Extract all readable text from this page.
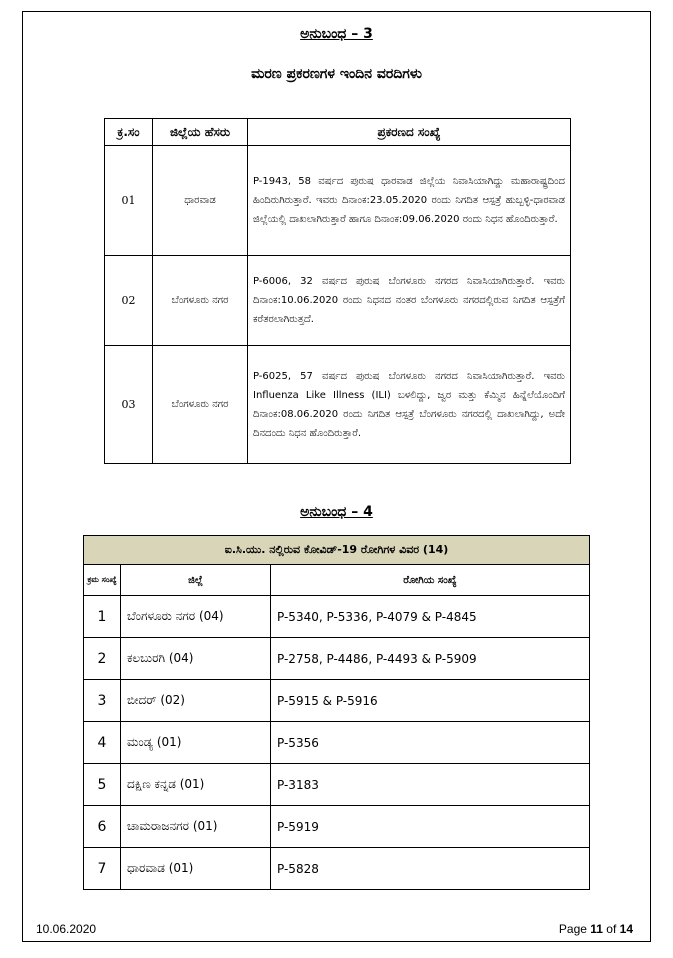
ಅನುಬಂಧ – 3
ಮರಣ ಪ್ರಕರಣಗಳ ಇಂದಿನ ವರದಿಗಳು
ಕ್ರ.ಸಂ	ಜಿಲ್ಲೆಯ ಹೆಸರು	ಪ್ರಕರಣದ ಸಂಖ್ಯೆ
01	ಧಾರವಾಡ	P-1943, 58 ವರ್ಷದ ಪುರುಷ ಧಾರವಾಡ ಜಿಲ್ಲೆಯ ನಿವಾಸಿಯಾಗಿದ್ದು ಮಹಾರಾಷ್ಟ್ರದಿಂದ ಹಿಂದಿರುಗಿರುತ್ತಾರೆ. ಇವರು ದಿನಾಂಕ:23.05.2020 ರಂದು ನಿಗದಿತ ಆಸ್ಪತ್ರೆ ಹುಬ್ಬಳ್ಳಿ-ಧಾರವಾಡ ಜಿಲ್ಲೆಯಲ್ಲಿ ದಾಖಲಾಗಿರುತ್ತಾರೆ ಹಾಗೂ ದಿನಾಂಕ:09.06.2020 ರಂದು ನಿಧನ ಹೊಂದಿರುತ್ತಾರೆ.
02	ಬೆಂಗಳೂರು ನಗರ	P-6006, 32 ವರ್ಷದ ಪುರುಷ ಬೆಂಗಳೂರು ನಗರದ ನಿವಾಸಿಯಾಗಿರುತ್ತಾರೆ. ಇವರು ದಿನಾಂಕ:10.06.2020 ರಂದು ನಿಧನದ ನಂತರ ಬೆಂಗಳೂರು ನಗರದಲ್ಲಿರುವ ನಿಗದಿತ ಆಸ್ಪತ್ರೆಗೆ ಕರೆತರಲಾಗಿರುತ್ತದೆ.
03	ಬೆಂಗಳೂರು ನಗರ	P-6025, 57 ವರ್ಷದ ಪುರುಷ ಬೆಂಗಳೂರು ನಗರದ ನಿವಾಸಿಯಾಗಿರುತ್ತಾರೆ. ಇವರು Influenza Like Illness (ILI) ಬಳಲಿದ್ದು, ಜ್ವರ ಮತ್ತು ಕೆಮ್ಮಿನ ಹಿನ್ನೆಲೆಯೊಂದಿಗೆ ದಿನಾಂಕ:08.06.2020 ರಂದು ನಿಗದಿತ ಆಸ್ಪತ್ರೆ ಬೆಂಗಳೂರು ನಗರದಲ್ಲಿ ದಾಖಲಾಗಿದ್ದು, ಅದೇ ದಿನದಂದು ನಿಧನ ಹೊಂದಿರುತ್ತಾರೆ.
ಅನುಬಂಧ – 4
ಐ.ಸಿ.ಯು. ನಲ್ಲಿರುವ ಕೋವಿಡ್-19 ರೋಗಿಗಳ ವಿವರ (14)		
ಕ್ರಮ ಸಂಖ್ಯೆ	ಜಿಲ್ಲೆ	ರೋಗಿಯ ಸಂಖ್ಯೆ
1	ಬೆಂಗಳೂರು ನಗರ (04)	P-5340, P-5336, P-4079 & P-4845
2	ಕಲಬುರಗಿ (04)	P-2758, P-4486, P-4493 & P-5909
3	ಬೀದರ್ (02)	P-5915 & P-5916
4	ಮಂಡ್ಯ (01)	P-5356
5	ದಕ್ಷಿಣ ಕನ್ನಡ (01)	P-3183
6	ಚಾಮರಾಜನಗರ (01)	P-5919
7	ಧಾರವಾಡ (01)	P-5828
10.06.2020	Page 11 of 14
